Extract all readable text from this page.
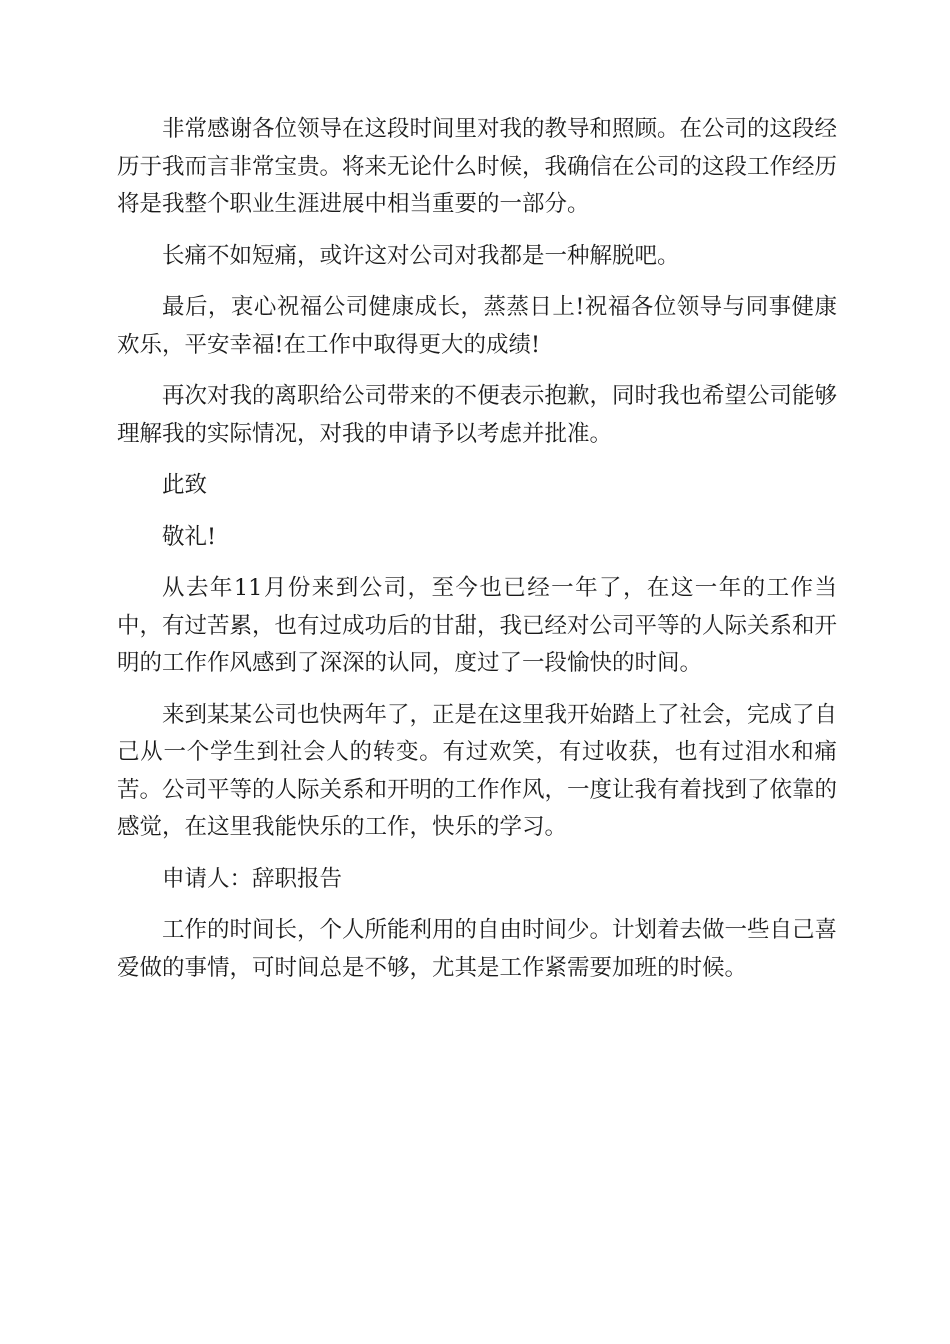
非常感谢各位领导在这段时间里对我的教导和照顾。在公司的这段经历于我而言非常宝贵。将来无论什么时候，我确信在公司的这段工作经历将是我整个职业生涯进展中相当重要的一部分。

长痛不如短痛，或许这对公司对我都是一种解脱吧。

最后，衷心祝福公司健康成长，蒸蒸日上!祝福各位领导与同事健康欢乐，平安幸福!在工作中取得更大的成绩!

再次对我的离职给公司带来的不便表示抱歉，同时我也希望公司能够理解我的实际情况，对我的申请予以考虑并批准。

此致

敬礼!

从去年11月份来到公司，至今也已经一年了，在这一年的工作当中，有过苦累，也有过成功后的甘甜，我已经对公司平等的人际关系和开明的工作作风感到了深深的认同，度过了一段愉快的时间。

来到某某公司也快两年了，正是在这里我开始踏上了社会，完成了自己从一个学生到社会人的转变。有过欢笑，有过收获，也有过泪水和痛苦。公司平等的人际关系和开明的工作作风，一度让我有着找到了依靠的感觉，在这里我能快乐的工作，快乐的学习。

申请人：辞职报告

工作的时间长，个人所能利用的自由时间少。计划着去做一些自己喜爱做的事情，可时间总是不够，尤其是工作紧需要加班的时候。
